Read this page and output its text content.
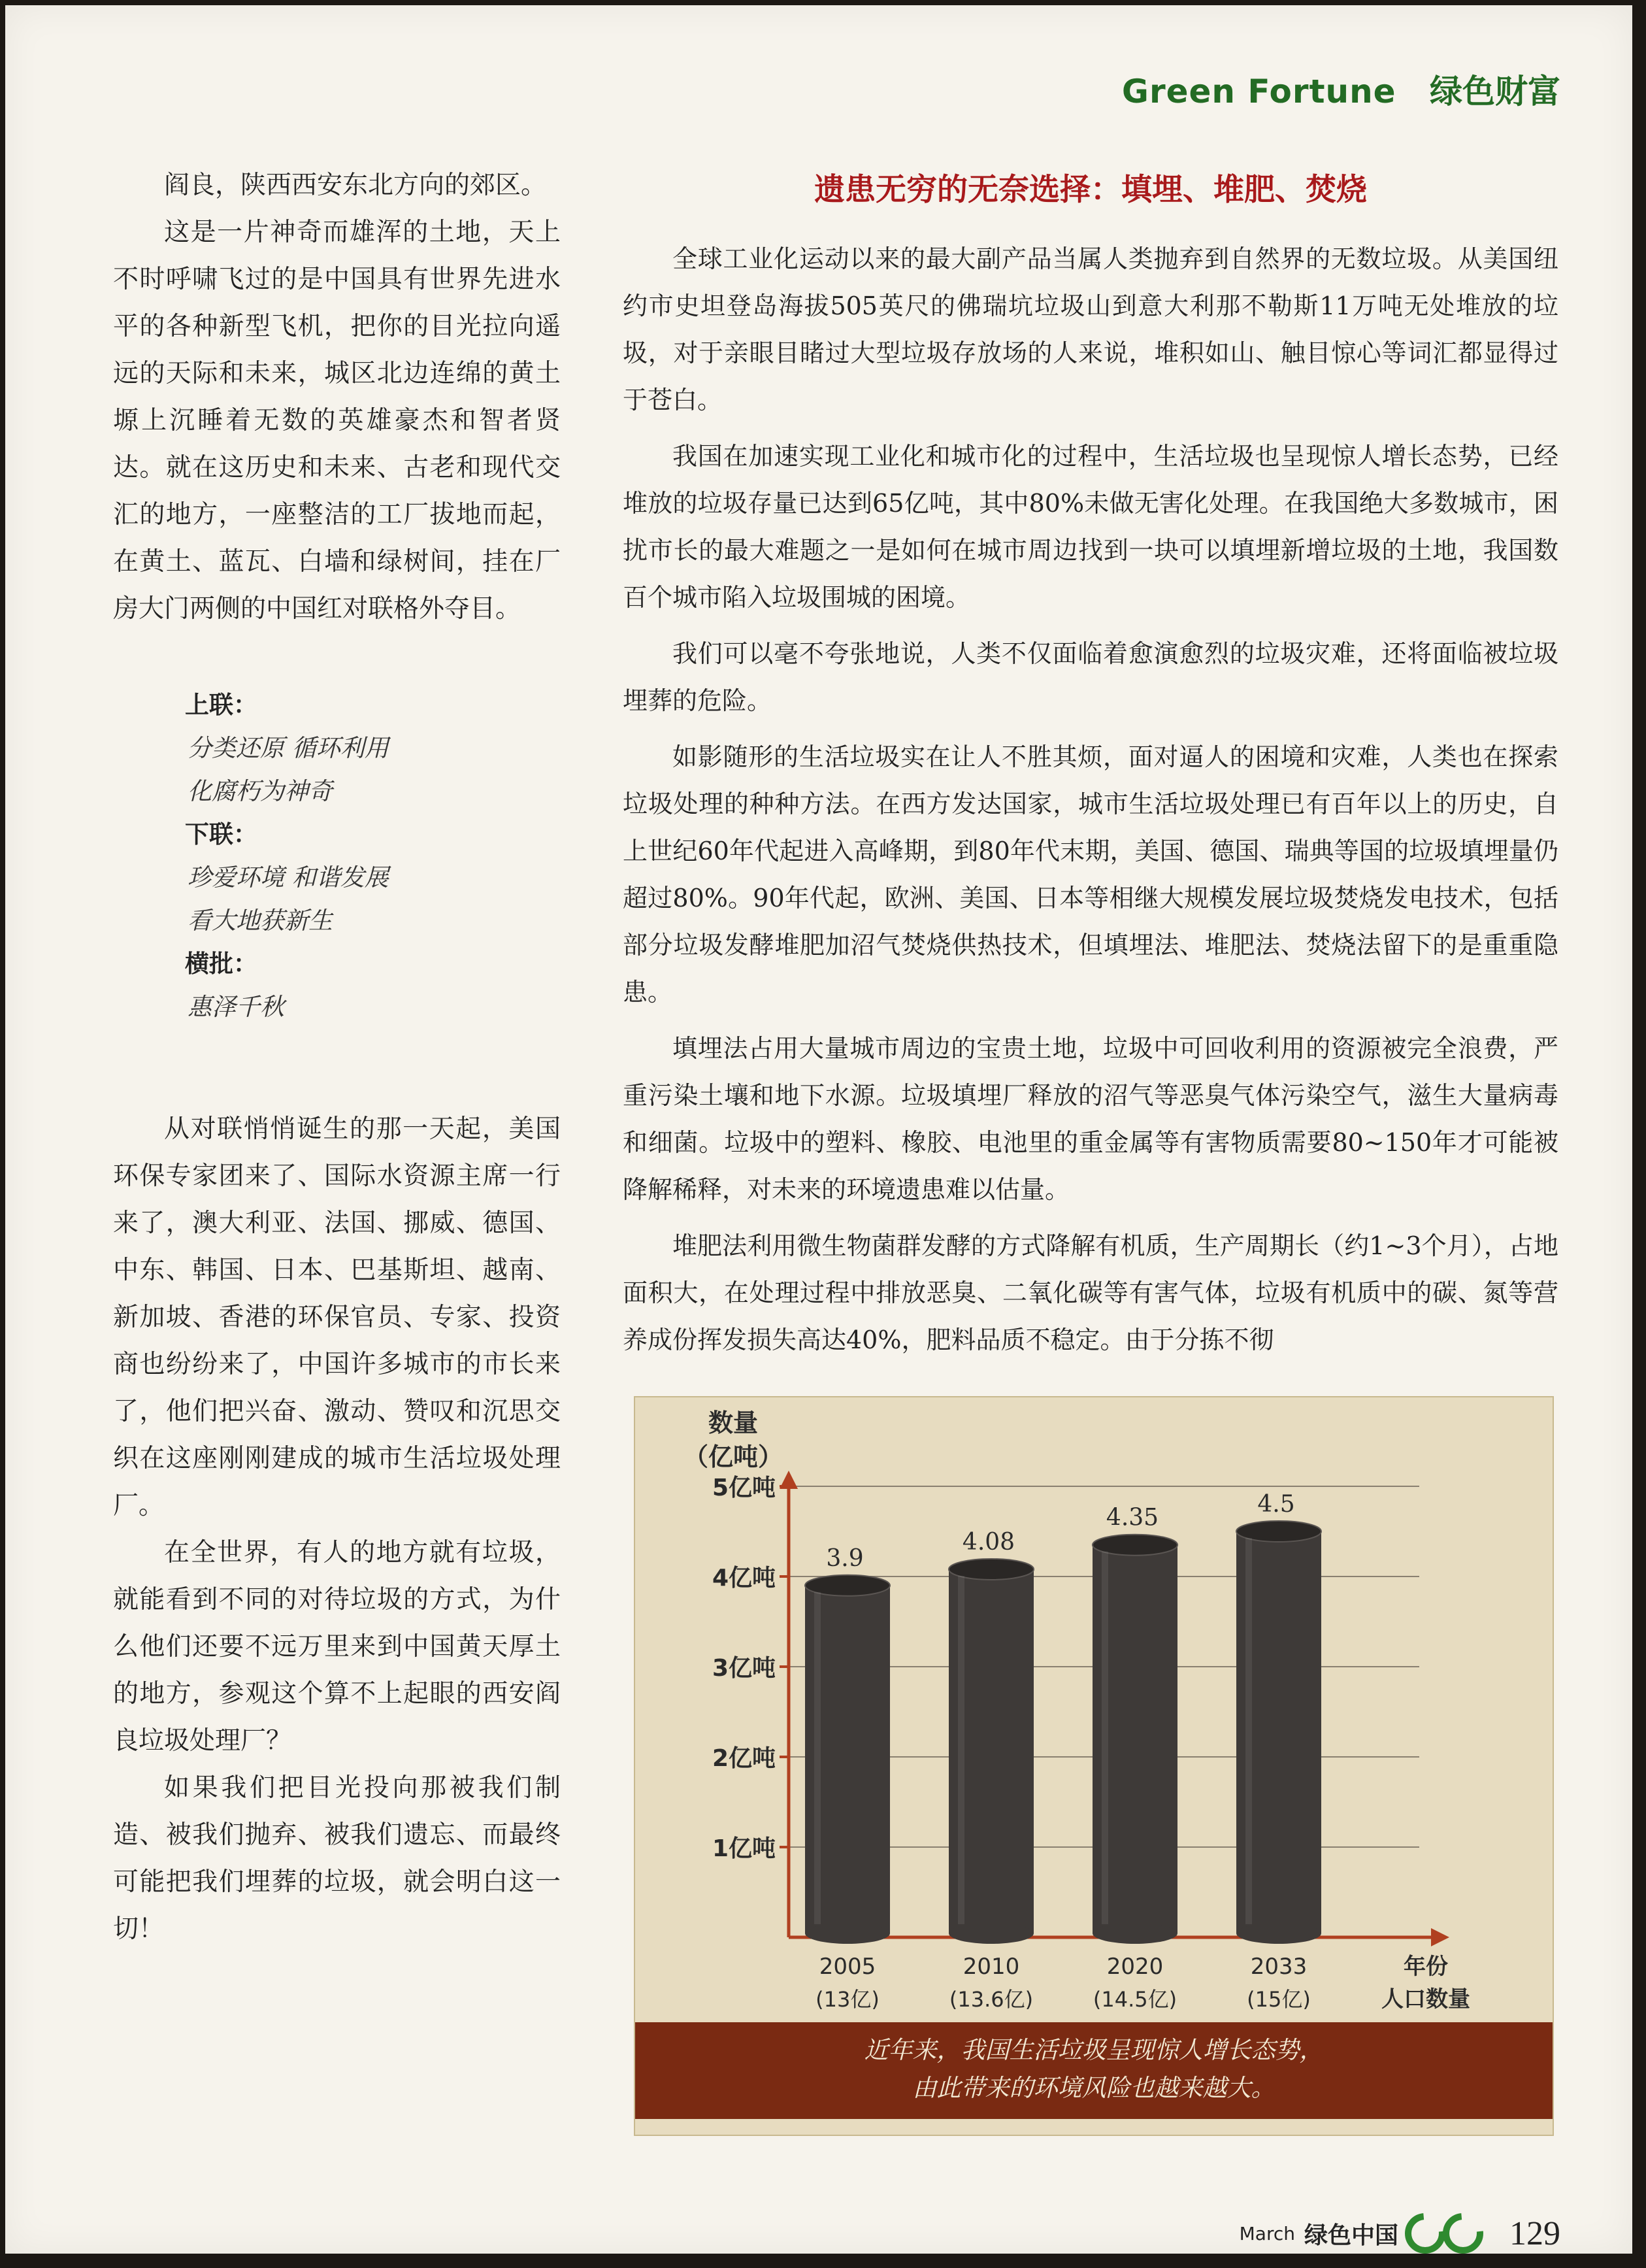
Green Fortune 绿色财富

阎良，陕西西安东北方向的郊区。

这是一片神奇而雄浑的土地，天上不时呼啸飞过的是中国具有世界先进水平的各种新型飞机，把你的目光拉向遥远的天际和未来，城区北边连绵的黄土塬上沉睡着无数的英雄豪杰和智者贤达。就在这历史和未来、古老和现代交汇的地方，一座整洁的工厂拔地而起，在黄土、蓝瓦、白墙和绿树间，挂在厂房大门两侧的中国红对联格外夺目。

上联：
分类还原 循环利用
化腐朽为神奇
下联：
珍爱环境 和谐发展
看大地获新生
横批：
惠泽千秋

从对联悄悄诞生的那一天起，美国环保专家团来了、国际水资源主席一行来了，澳大利亚、法国、挪威、德国、中东、韩国、日本、巴基斯坦、越南、新加坡、香港的环保官员、专家、投资商也纷纷来了，中国许多城市的市长来了，他们把兴奋、激动、赞叹和沉思交织在这座刚刚建成的城市生活垃圾处理厂。

在全世界，有人的地方就有垃圾，就能看到不同的对待垃圾的方式，为什么他们还要不远万里来到中国黄天厚土的地方，参观这个算不上起眼的西安阎良垃圾处理厂？

如果我们把目光投向那被我们制造、被我们抛弃、被我们遗忘、而最终可能把我们埋葬的垃圾，就会明白这一切！

遗患无穷的无奈选择：填埋、堆肥、焚烧

全球工业化运动以来的最大副产品当属人类抛弃到自然界的无数垃圾。从美国纽约市史坦登岛海拔505英尺的佛瑞坑垃圾山到意大利那不勒斯11万吨无处堆放的垃圾，对于亲眼目睹过大型垃圾存放场的人来说，堆积如山、触目惊心等词汇都显得过于苍白。

我国在加速实现工业化和城市化的过程中，生活垃圾也呈现惊人增长态势，已经堆放的垃圾存量已达到65亿吨，其中80%未做无害化处理。在我国绝大多数城市，困扰市长的最大难题之一是如何在城市周边找到一块可以填埋新增垃圾的土地，我国数百个城市陷入垃圾围城的困境。

我们可以毫不夸张地说，人类不仅面临着愈演愈烈的垃圾灾难，还将面临被垃圾埋葬的危险。

如影随形的生活垃圾实在让人不胜其烦，面对逼人的困境和灾难，人类也在探索垃圾处理的种种方法。在西方发达国家，城市生活垃圾处理已有百年以上的历史，自上世纪60年代起进入高峰期，到80年代末期，美国、德国、瑞典等国的垃圾填埋量仍超过80%。90年代起，欧洲、美国、日本等相继大规模发展垃圾焚烧发电技术，包括部分垃圾发酵堆肥加沼气焚烧供热技术，但填埋法、堆肥法、焚烧法留下的是重重隐患。

填埋法占用大量城市周边的宝贵土地，垃圾中可回收利用的资源被完全浪费，严重污染土壤和地下水源。垃圾填埋厂释放的沼气等恶臭气体污染空气，滋生大量病毒和细菌。垃圾中的塑料、橡胶、电池里的重金属等有害物质需要80~150年才可能被降解稀释，对未来的环境遗患难以估量。

堆肥法利用微生物菌群发酵的方式降解有机质，生产周期长（约1~3个月），占地面积大，在处理过程中排放恶臭、二氧化碳等有害气体，垃圾有机质中的碳、氮等营养成份挥发损失高达40%，肥料品质不稳定。由于分拣不彻

1亿吨
2亿吨
3亿吨
4亿吨
5亿吨
数量
（亿吨）
年份
人口数量
3.9
2005
(13亿)
4.08
2010
(13.6亿)
4.35
2020
(14.5亿)
4.5
2033
(15亿)
近年来，我国生活垃圾呈现惊人增长态势，
由此带来的环境风险也越来越大。
March 绿色中国	129
